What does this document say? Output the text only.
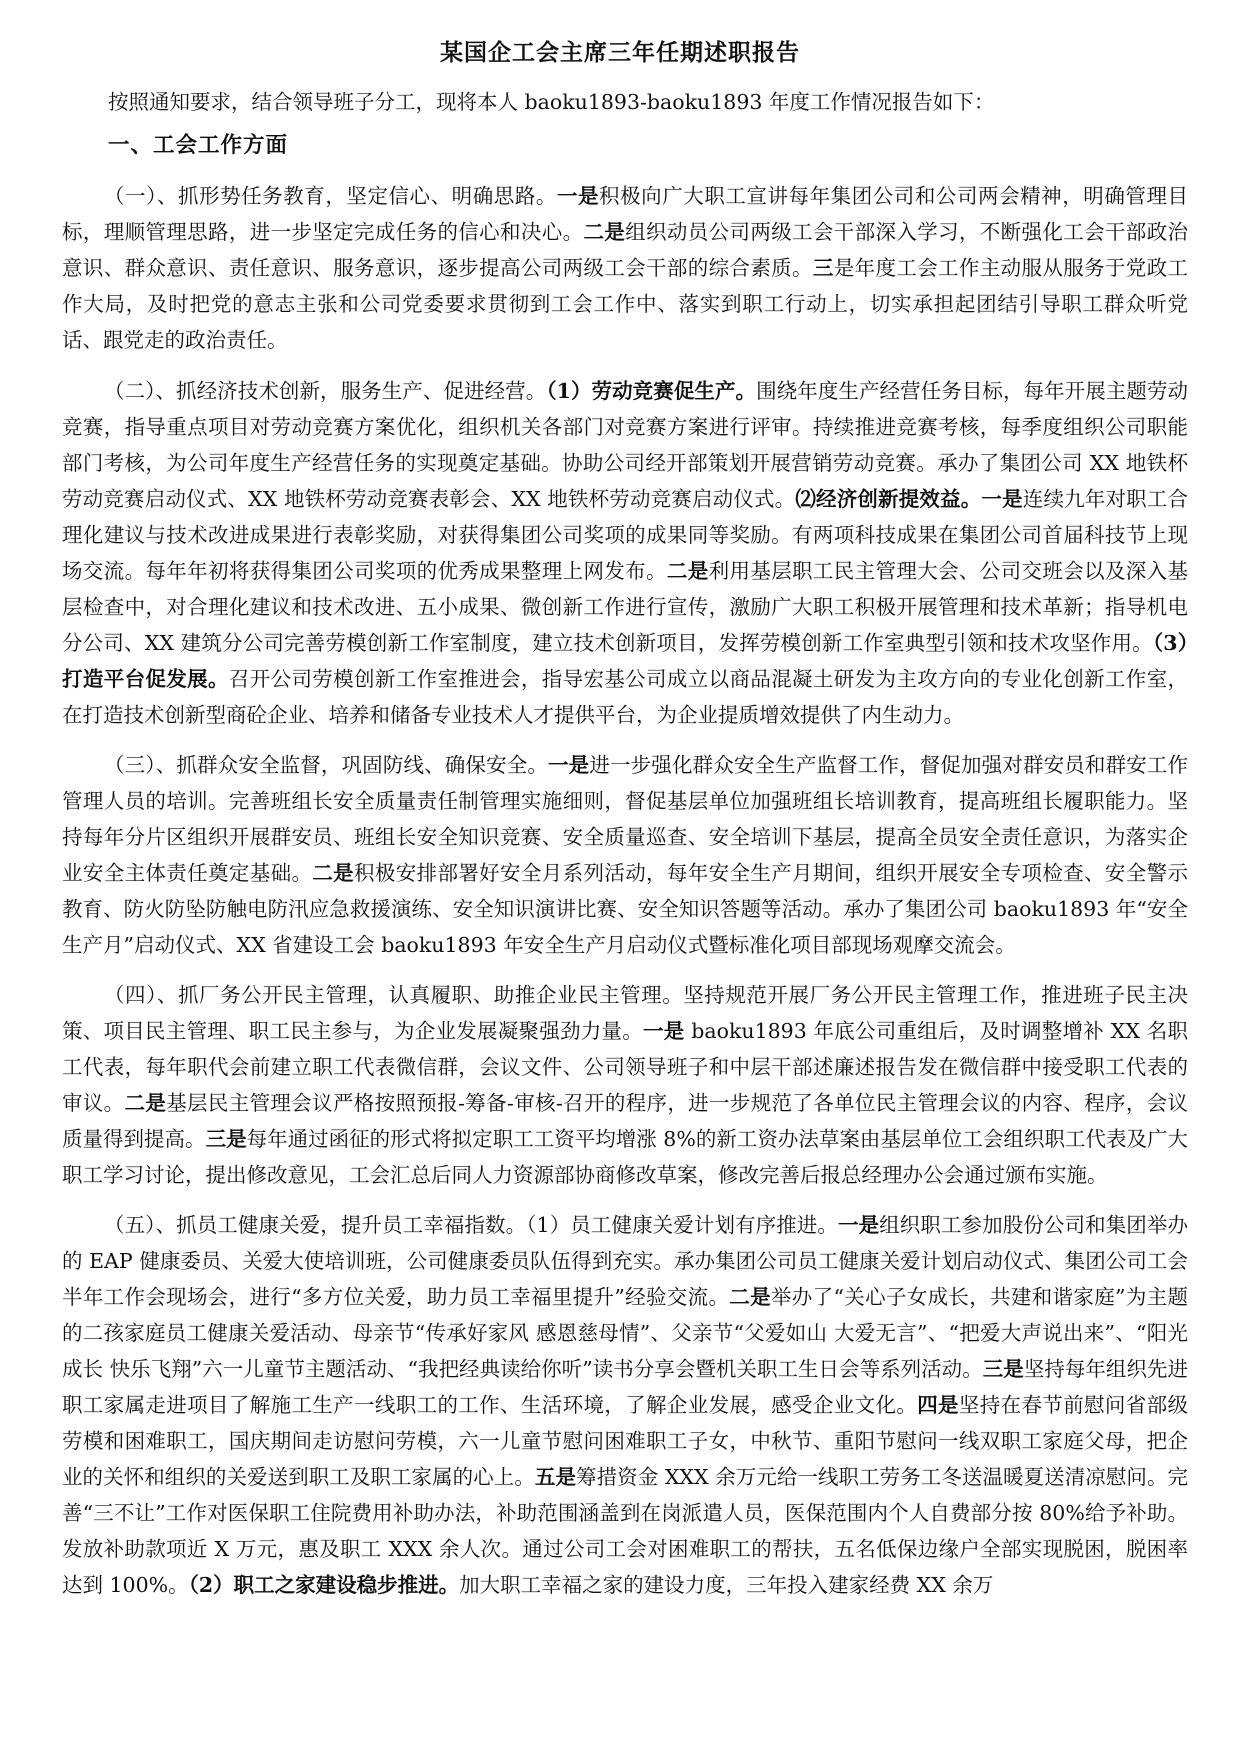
某国企工会主席三年任期述职报告
按照通知要求，结合领导班子分工，现将本人 baoku1893-baoku1893 年度工作情况报告如下：
一、工会工作方面

（一）、抓形势任务教育，坚定信心、明确思路。一是积极向广大职工宣讲每年集团公司和公司两会精神，明确管理目标，理顺管理思路，进一步坚定完成任务的信心和决心。二是组织动员公司两级工会干部深入学习，不断强化工会干部政治意识、群众意识、责任意识、服务意识，逐步提高公司两级工会干部的综合素质。三是年度工会工作主动服从服务于党政工作大局，及时把党的意志主张和公司党委要求贯彻到工会工作中、落实到职工行动上，切实承担起团结引导职工群众听党话、跟党走的政治责任。

（二）、抓经济技术创新，服务生产、促进经营。（1）劳动竞赛促生产。围绕年度生产经营任务目标，每年开展主题劳动竞赛，指导重点项目对劳动竞赛方案优化，组织机关各部门对竞赛方案进行评审。持续推进竞赛考核，每季度组织公司职能部门考核，为公司年度生产经营任务的实现奠定基础。协助公司经开部策划开展营销劳动竞赛。承办了集团公司 XX 地铁杯劳动竞赛启动仪式、XX 地铁杯劳动竞赛表彰会、XX 地铁杯劳动竞赛启动仪式。⑵经济创新提效益。一是连续九年对职工合理化建议与技术改进成果进行表彰奖励，对获得集团公司奖项的成果同等奖励。有两项科技成果在集团公司首届科技节上现场交流。每年年初将获得集团公司奖项的优秀成果整理上网发布。二是利用基层职工民主管理大会、公司交班会以及深入基层检查中，对合理化建议和技术改进、五小成果、微创新工作进行宣传，激励广大职工积极开展管理和技术革新；指导机电分公司、XX 建筑分公司完善劳模创新工作室制度，建立技术创新项目，发挥劳模创新工作室典型引领和技术攻坚作用。（3）打造平台促发展。召开公司劳模创新工作室推进会，指导宏基公司成立以商品混凝土研发为主攻方向的专业化创新工作室，在打造技术创新型商砼企业、培养和储备专业技术人才提供平台，为企业提质增效提供了内生动力。

（三）、抓群众安全监督，巩固防线、确保安全。一是进一步强化群众安全生产监督工作，督促加强对群安员和群安工作管理人员的培训。完善班组长安全质量责任制管理实施细则，督促基层单位加强班组长培训教育，提高班组长履职能力。坚持每年分片区组织开展群安员、班组长安全知识竞赛、安全质量巡查、安全培训下基层，提高全员安全责任意识，为落实企业安全主体责任奠定基础。二是积极安排部署好安全月系列活动，每年安全生产月期间，组织开展安全专项检查、安全警示教育、防火防坠防触电防汛应急救援演练、安全知识演讲比赛、安全知识答题等活动。承办了集团公司 baoku1893 年“安全生产月”启动仪式、XX 省建设工会 baoku1893 年安全生产月启动仪式暨标准化项目部现场观摩交流会。

（四）、抓厂务公开民主管理，认真履职、助推企业民主管理。坚持规范开展厂务公开民主管理工作，推进班子民主决策、项目民主管理、职工民主参与，为企业发展凝聚强劲力量。一是 baoku1893 年底公司重组后，及时调整增补 XX 名职工代表，每年职代会前建立职工代表微信群，会议文件、公司领导班子和中层干部述廉述报告发在微信群中接受职工代表的审议。二是基层民主管理会议严格按照预报-筹备-审核-召开的程序，进一步规范了各单位民主管理会议的内容、程序，会议质量得到提高。三是每年通过函征的形式将拟定职工工资平均增涨 8%的新工资办法草案由基层单位工会组织职工代表及广大职工学习讨论，提出修改意见，工会汇总后同人力资源部协商修改草案，修改完善后报总经理办公会通过颁布实施。

（五）、抓员工健康关爱，提升员工幸福指数。（1）员工健康关爱计划有序推进。一是组织职工参加股份公司和集团举办的 EAP 健康委员、关爱大使培训班，公司健康委员队伍得到充实。承办集团公司员工健康关爱计划启动仪式、集团公司工会半年工作会现场会，进行“多方位关爱，助力员工幸福里提升”经验交流。二是举办了“关心子女成长，共建和谐家庭”为主题的二孩家庭员工健康关爱活动、母亲节“传承好家风 感恩慈母情”、父亲节“父爱如山 大爱无言”、“把爱大声说出来”、“阳光成长 快乐飞翔”六一儿童节主题活动、“我把经典读给你听”读书分享会暨机关职工生日会等系列活动。三是坚持每年组织先进职工家属走进项目了解施工生产一线职工的工作、生活环境，了解企业发展，感受企业文化。四是坚持在春节前慰问省部级劳模和困难职工，国庆期间走访慰问劳模，六一儿童节慰问困难职工子女，中秋节、重阳节慰问一线双职工家庭父母，把企业的关怀和组织的关爱送到职工及职工家属的心上。五是筹措资金 XXX 余万元给一线职工劳务工冬送温暖夏送清凉慰问。完善“三不让”工作对医保职工住院费用补助办法，补助范围涵盖到在岗派遣人员，医保范围内个人自费部分按 80%给予补助。发放补助款项近 X 万元，惠及职工 XXX 余人次。通过公司工会对困难职工的帮扶，五名低保边缘户全部实现脱困，脱困率达到 100%。（2）职工之家建设稳步推进。加大职工幸福之家的建设力度，三年投入建家经费 XX 余万
